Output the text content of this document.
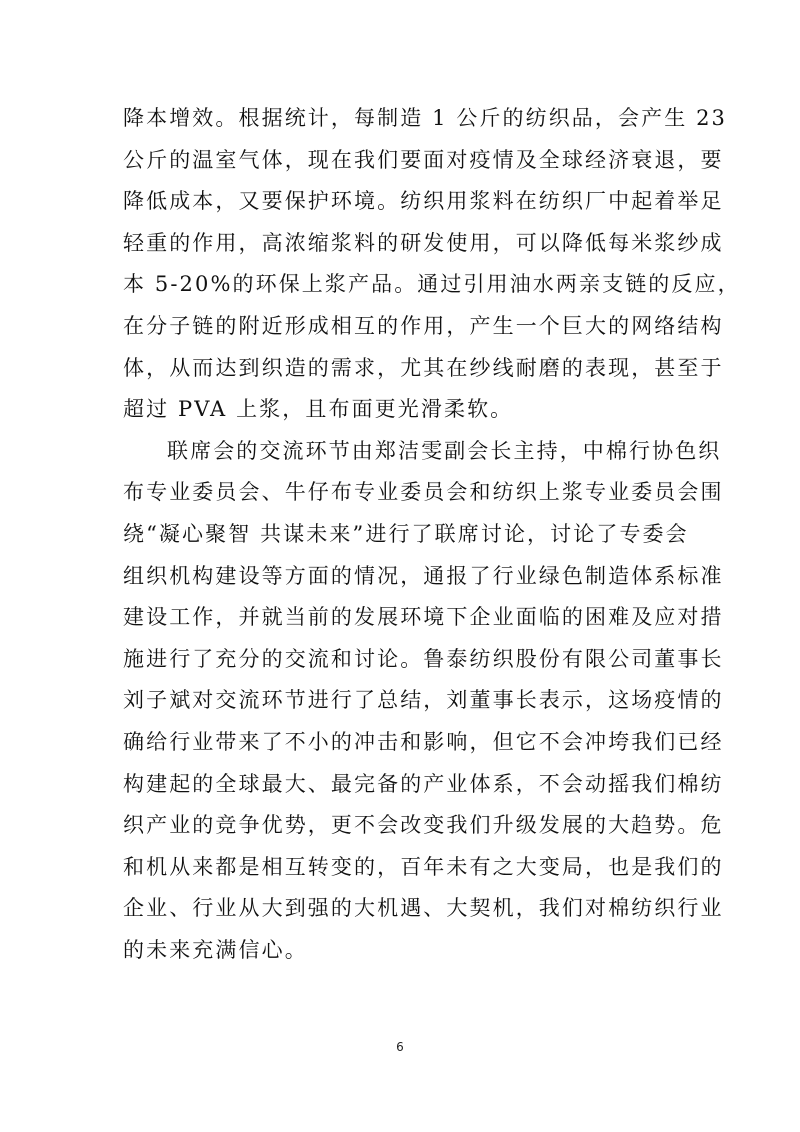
降本增效。根据统计，每制造 1 公斤的纺织品，会产生 23
公斤的温室气体，现在我们要面对疫情及全球经济衰退，要
降低成本，又要保护环境。纺织用浆料在纺织厂中起着举足
轻重的作用，高浓缩浆料的研发使用，可以降低每米浆纱成
本 5-20%的环保上浆产品。通过引用油水两亲支链的反应，
在分子链的附近形成相互的作用，产生一个巨大的网络结构
体，从而达到织造的需求，尤其在纱线耐磨的表现，甚至于
超过 PVA 上浆，且布面更光滑柔软。
联席会的交流环节由郑洁雯副会长主持，中棉行协色织
布专业委员会、牛仔布专业委员会和纺织上浆专业委员会围
绕“凝心聚智 共谋未来”进行了联席讨论，讨论了专委会
组织机构建设等方面的情况，通报了行业绿色制造体系标准
建设工作，并就当前的发展环境下企业面临的困难及应对措
施进行了充分的交流和讨论。鲁泰纺织股份有限公司董事长
刘子斌对交流环节进行了总结，刘董事长表示，这场疫情的
确给行业带来了不小的冲击和影响，但它不会冲垮我们已经
构建起的全球最大、最完备的产业体系，不会动摇我们棉纺
织产业的竞争优势，更不会改变我们升级发展的大趋势。危
和机从来都是相互转变的，百年未有之大变局，也是我们的
企业、行业从大到强的大机遇、大契机，我们对棉纺织行业
的未来充满信心。
6
